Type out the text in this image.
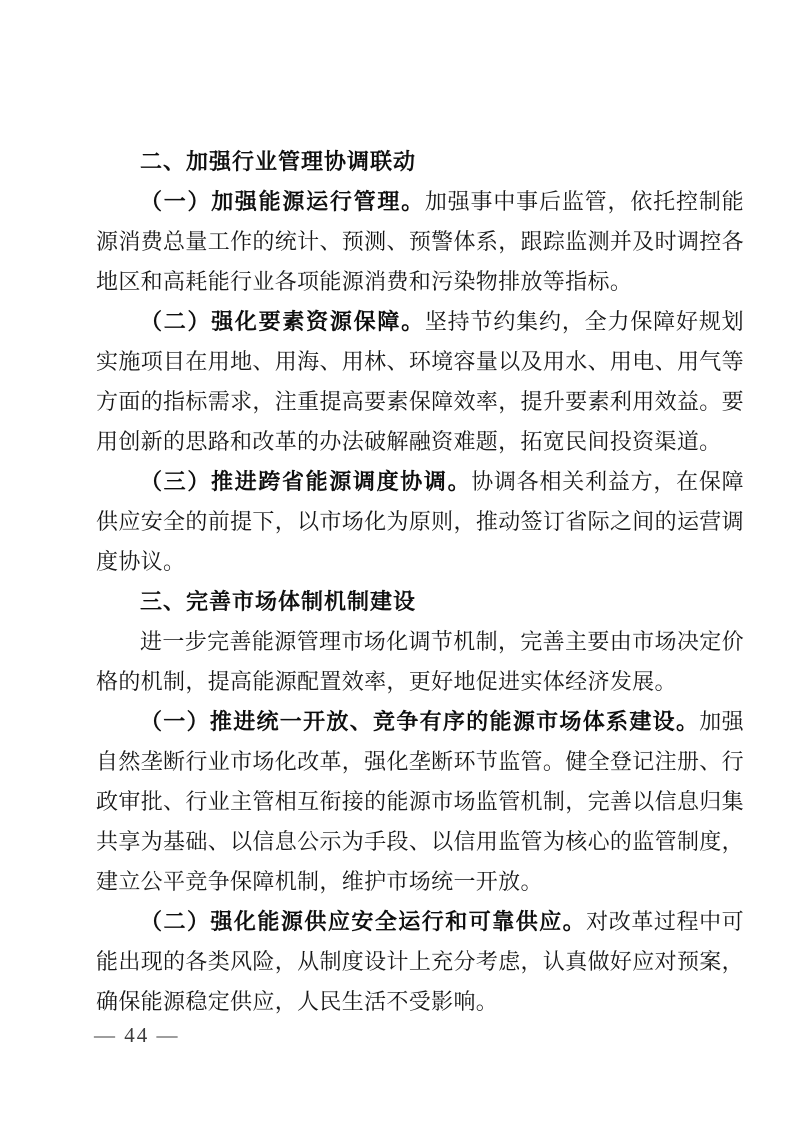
二、加强行业管理协调联动

（一）加强能源运行管理。加强事中事后监管，依托控制能源消费总量工作的统计、预测、预警体系，跟踪监测并及时调控各地区和高耗能行业各项能源消费和污染物排放等指标。

（二）强化要素资源保障。坚持节约集约，全力保障好规划实施项目在用地、用海、用林、环境容量以及用水、用电、用气等方面的指标需求，注重提高要素保障效率，提升要素利用效益。要用创新的思路和改革的办法破解融资难题，拓宽民间投资渠道。

（三）推进跨省能源调度协调。协调各相关利益方，在保障供应安全的前提下，以市场化为原则，推动签订省际之间的运营调度协议。

三、完善市场体制机制建设

进一步完善能源管理市场化调节机制，完善主要由市场决定价格的机制，提高能源配置效率，更好地促进实体经济发展。

（一）推进统一开放、竞争有序的能源市场体系建设。加强自然垄断行业市场化改革，强化垄断环节监管。健全登记注册、行政审批、行业主管相互衔接的能源市场监管机制，完善以信息归集共享为基础、以信息公示为手段、以信用监管为核心的监管制度，建立公平竞争保障机制，维护市场统一开放。

（二）强化能源供应安全运行和可靠供应。对改革过程中可能出现的各类风险，从制度设计上充分考虑，认真做好应对预案，确保能源稳定供应，人民生活不受影响。

— 44 —
